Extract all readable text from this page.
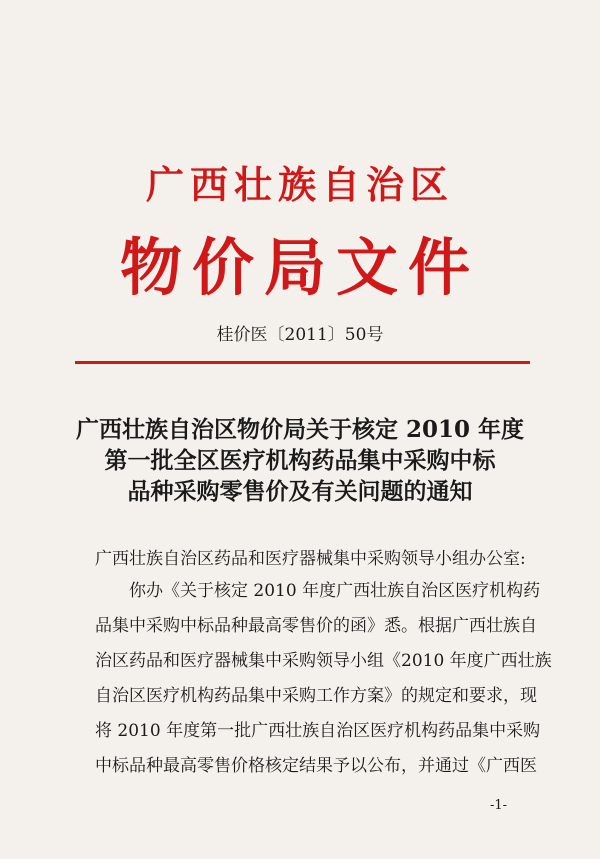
广西壮族自治区
物价局文件
桂价医〔2011〕50号
广西壮族自治区物价局关于核定 2010 年度
第一批全区医疗机构药品集中采购中标
品种采购零售价及有关问题的通知
广西壮族自治区药品和医疗器械集中采购领导小组办公室:
你办《关于核定 2010 年度广西壮族自治区医疗机构药
品集中采购中标品种最高零售价的函》悉。根据广西壮族自
治区药品和医疗器械集中采购领导小组《2010 年度广西壮族
自治区医疗机构药品集中采购工作方案》的规定和要求，现
将 2010 年度第一批广西壮族自治区医疗机构药品集中采购
中标品种最高零售价格核定结果予以公布，并通过《广西医
-1-
